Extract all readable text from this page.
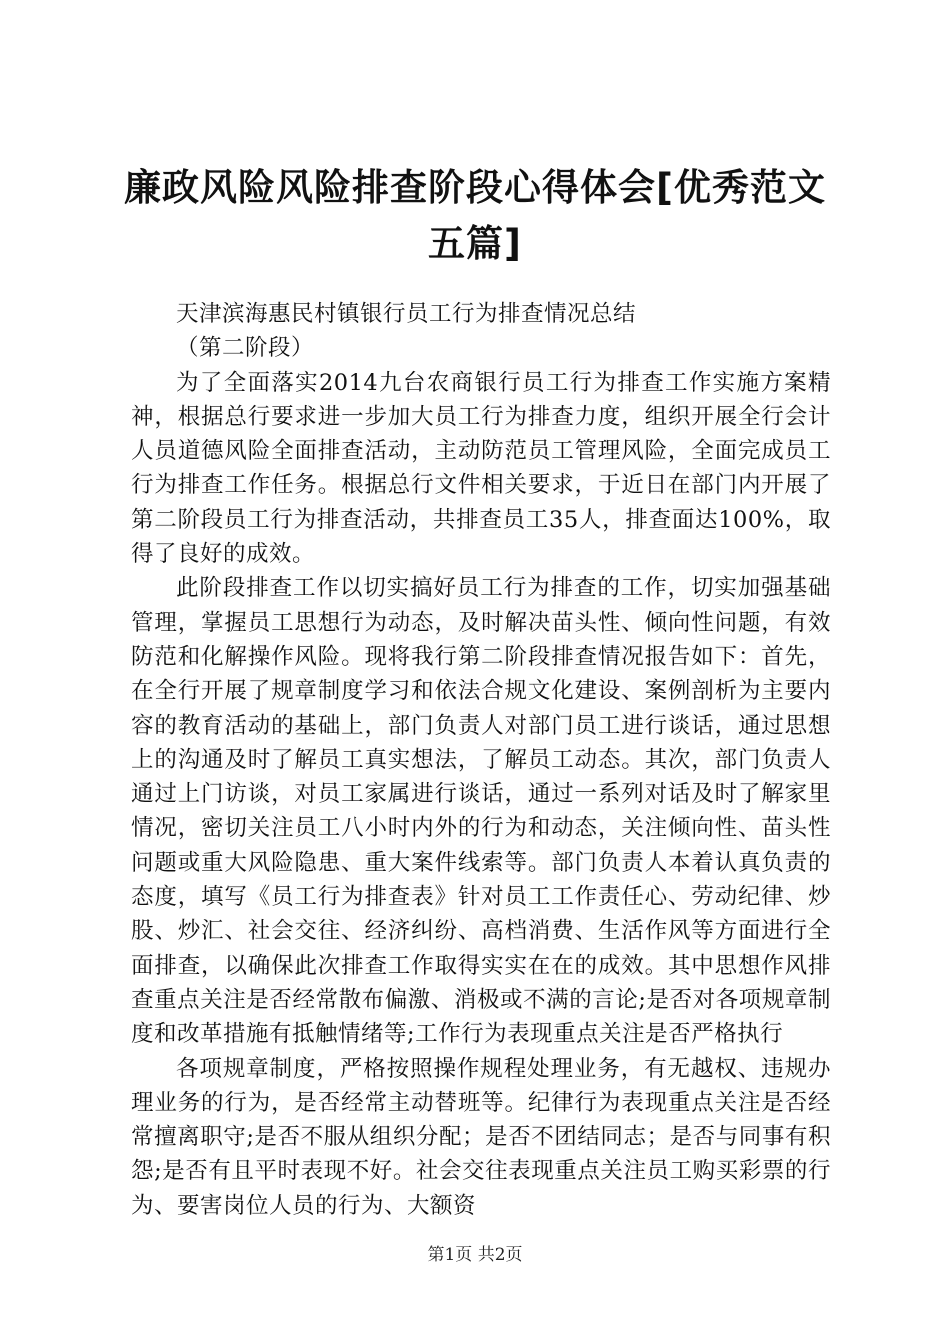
廉政风险风险排查阶段心得体会[优秀范文五篇]

天津滨海惠民村镇银行员工行为排查情况总结

（第二阶段）

为了全面落实2014九台农商银行员工行为排查工作实施方案精神，根据总行要求进一步加大员工行为排查力度，组织开展全行会计人员道德风险全面排查活动，主动防范员工管理风险，全面完成员工行为排查工作任务。根据总行文件相关要求，于近日在部门内开展了第二阶段员工行为排查活动，共排查员工35人，排查面达100%，取得了良好的成效。

此阶段排查工作以切实搞好员工行为排查的工作，切实加强基础管理，掌握员工思想行为动态，及时解决苗头性、倾向性问题，有效防范和化解操作风险。现将我行第二阶段排查情况报告如下：首先，在全行开展了规章制度学习和依法合规文化建设、案例剖析为主要内容的教育活动的基础上，部门负责人对部门员工进行谈话，通过思想上的沟通及时了解员工真实想法，了解员工动态。其次，部门负责人通过上门访谈，对员工家属进行谈话，通过一系列对话及时了解家里情况，密切关注员工八小时内外的行为和动态，关注倾向性、苗头性问题或重大风险隐患、重大案件线索等。部门负责人本着认真负责的态度，填写《员工行为排查表》针对员工工作责任心、劳动纪律、炒股、炒汇、社会交往、经济纠纷、高档消费、生活作风等方面进行全面排查，以确保此次排查工作取得实实在在的成效。其中思想作风排查重点关注是否经常散布偏激、消极或不满的言论;是否对各项规章制度和改革措施有抵触情绪等;工作行为表现重点关注是否严格执行

各项规章制度，严格按照操作规程处理业务，有无越权、违规办理业务的行为，是否经常主动替班等。纪律行为表现重点关注是否经常擅离职守;是否不服从组织分配；是否不团结同志；是否与同事有积怨;是否有且平时表现不好。社会交往表现重点关注员工购买彩票的行为、要害岗位人员的行为、大额资

第1页 共2页
